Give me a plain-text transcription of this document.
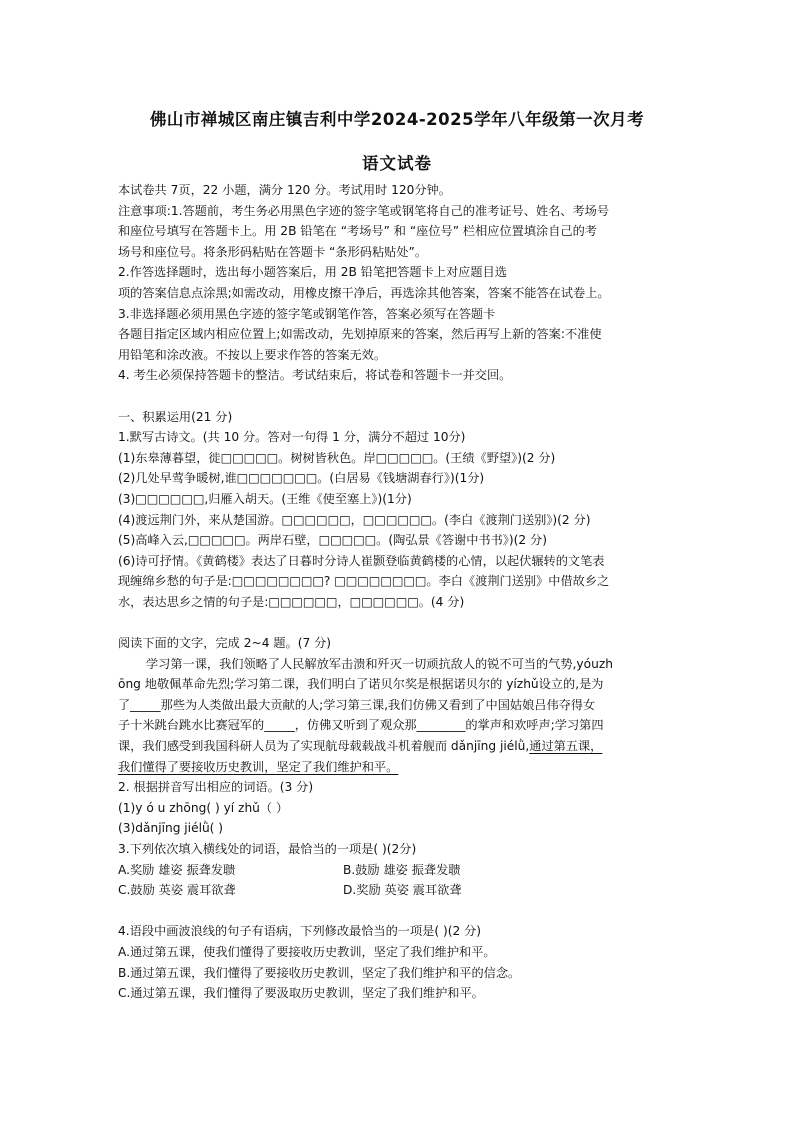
佛山市禅城区南庄镇吉利中学2024-2025学年八年级第一次月考
语文试卷
本试卷共 7页，22 小题，满分 120 分。考试用时 120分钟。
注意事项:1.答题前，考生务必用黑色字迹的签字笔或钢笔将自己的准考证号、姓名、考场号
和座位号填写在答题卡上。用 2B 铅笔在 “考场号” 和 “座位号” 栏相应位置填涂自己的考
场号和座位号。将条形码粘贴在答题卡 “条形码粘贴处”。
2.作答选择题时，选出每小题答案后，用 2B 铅笔把答题卡上对应题目选
项的答案信息点涂黑;如需改动，用橡皮擦干净后，再选涂其他答案，答案不能答在试卷上。
3.非选择题必须用黑色字迹的签字笔或钢笔作答，答案必须写在答题卡
各题目指定区域内相应位置上;如需改动，先划掉原来的答案，然后再写上新的答案:不准使
用铅笔和涂改液。不按以上要求作答的答案无效。
4. 考生必须保持答题卡的整洁。考试结束后，将试卷和答题卡一并交回。
一、积累运用(21 分)
1.默写古诗文。(共 10 分。答对一句得 1 分，满分不超过 10分)
(1)东皋薄暮望，徙□□□□□。树树皆秋色。岸□□□□□。(王绩《野望》)(2 分)
(2)几处早莺争暖树,谁□□□□□□□。(白居易《钱塘湖春行》)(1分)
(3)□□□□□□,归雁入胡天。(王维《使至塞上》)(1分)
(4)渡远荆门外，来从楚国游。□□□□□□，□□□□□□。(李白《渡荆门送别》)(2 分)
(5)高峰入云,□□□□□。两岸石壁，□□□□□。(陶弘景《答谢中书书》)(2 分)
(6)诗可抒情。《黄鹤楼》表达了日暮时分诗人崔颢登临黄鹤楼的心情，以起伏辗转的文笔表
现缠绵乡愁的句子是:□□□□□□□□? □□□□□□□□。李白《渡荆门送别》中借故乡之
水，表达思乡之情的句子是:□□□□□□，□□□□□□。(4 分)
阅读下面的文字，完成 2~4 题。(7 分)
学习第一课，我们领略了人民解放军击溃和歼灭一切顽抗敌人的锐不可当的气势,yóuzh
ōng 地敬佩革命先烈;学习第二课，我们明白了诺贝尔奖是根据诺贝尔的 yízhǔ设立的,是为
了_____那些为人类做出最大贡献的人;学习第三课,我们仿佛又看到了中国姑娘吕伟夺得女
子十米跳台跳水比赛冠军的_____，仿佛又听到了观众那________的掌声和欢呼声;学习第四
课，我们感受到我国科研人员为了实现航母载载战斗机着舰而 dǎnjīng jiélǜ,通过第五课，
我们懂得了要接收历史教训，坚定了我们维护和平。
2. 根据拼音写出相应的词语。(3 分)
(1)y ó u zhōng( ) yí zhǔ（ ）
(3)dǎnjīng jiélǜ( )
3.下列依次填入横线处的词语，最恰当的一项是( )(2分)
A.奖励 雄姿 振聋发聩	B.鼓励 雄姿 振聋发聩
C.鼓励 英姿 震耳欲聋	D.奖励 英姿 震耳欲聋
4.语段中画波浪线的句子有语病，下列修改最恰当的一项是( )(2 分)
A.通过第五课，使我们懂得了要接收历史教训，坚定了我们维护和平。
B.通过第五课，我们懂得了要接收历史教训，坚定了我们维护和平的信念。
C.通过第五课，我们懂得了要汲取历史教训，坚定了我们维护和平。
